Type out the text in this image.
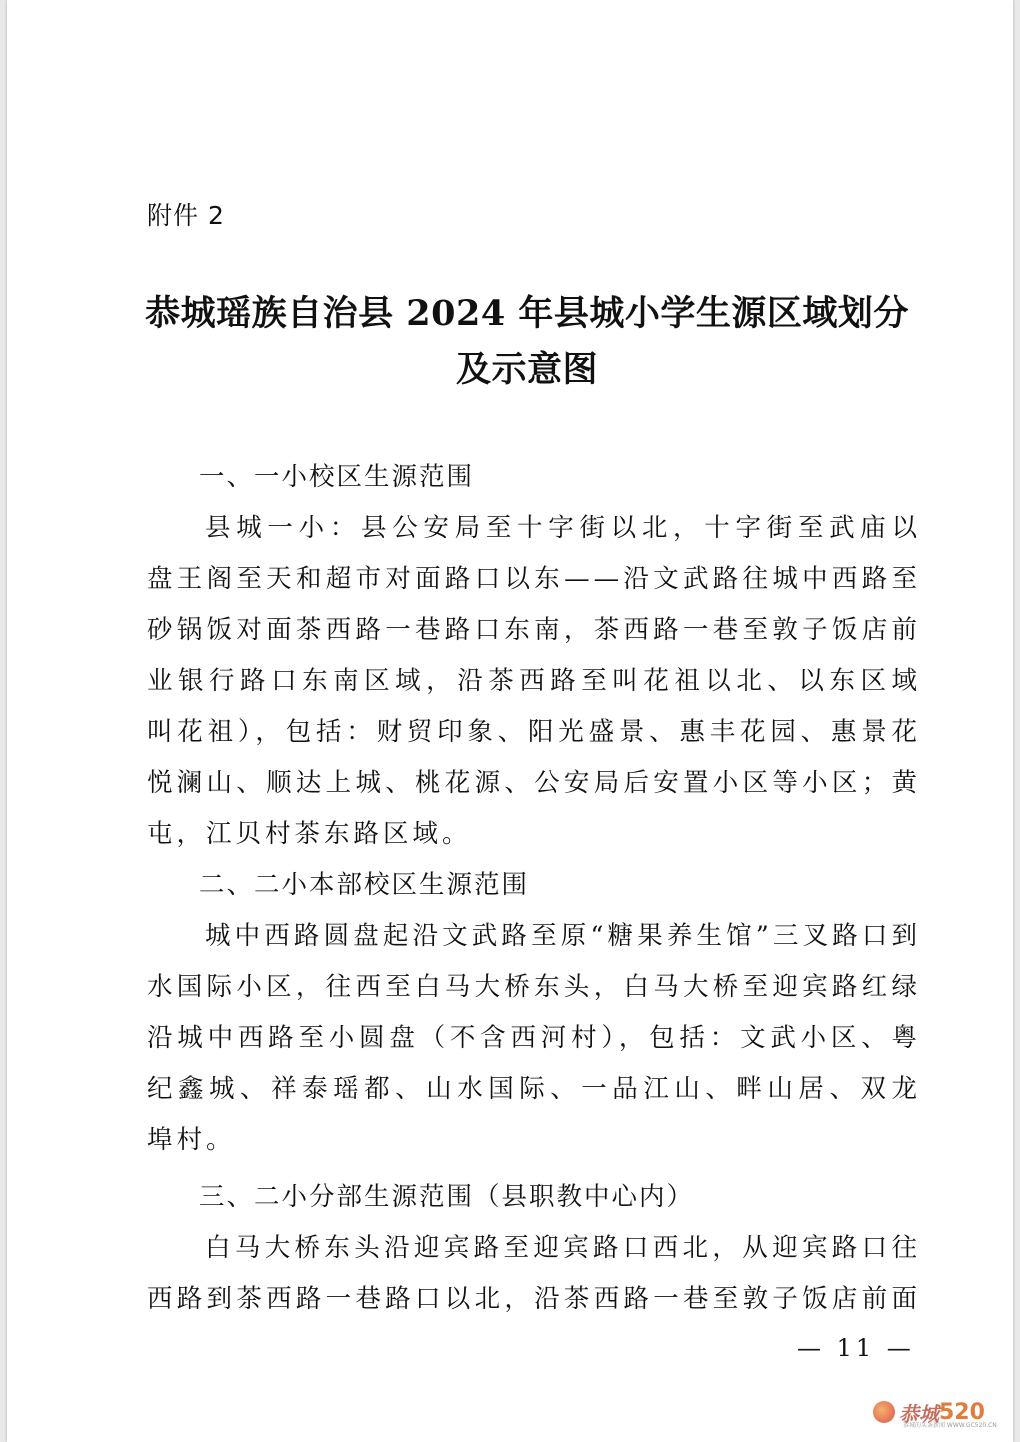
附件 2
恭城瑶族自治县 2024 年县城小学生源区域划分
及示意图
一、一小校区生源范围
县城一小：县公安局至十字街以北，十字街至武庙以
盘王阁至天和超市对面路口以东——沿文武路往城中西路至
砂锅饭对面茶西路一巷路口东南，茶西路一巷至敦子饭店前
业银行路口东南区域，沿茶西路至叫花祖以北、以东区域
叫花祖），包括：财贸印象、阳光盛景、惠丰花园、惠景花
悦澜山、顺达上城、桃花源、公安局后安置小区等小区；黄
屯，江贝村茶东路区域。
二、二小本部校区生源范围
城中西路圆盘起沿文武路至原“糖果养生馆”三叉路口到
水国际小区，往西至白马大桥东头，白马大桥至迎宾路红绿
沿城中西路至小圆盘（不含西河村），包括：文武小区、粤
纪鑫城、祥泰瑶都、山水国际、一品江山、畔山居、双龙
埠村。
三、二小分部生源范围（县职教中心内）
白马大桥东头沿迎宾路至迎宾路口西北，从迎宾路口往
西路到茶西路一巷路口以北，沿茶西路一巷至敦子饭店前面
— 11 —
恭城 520
恭城的头条新闻 WWW.GC520.CN
